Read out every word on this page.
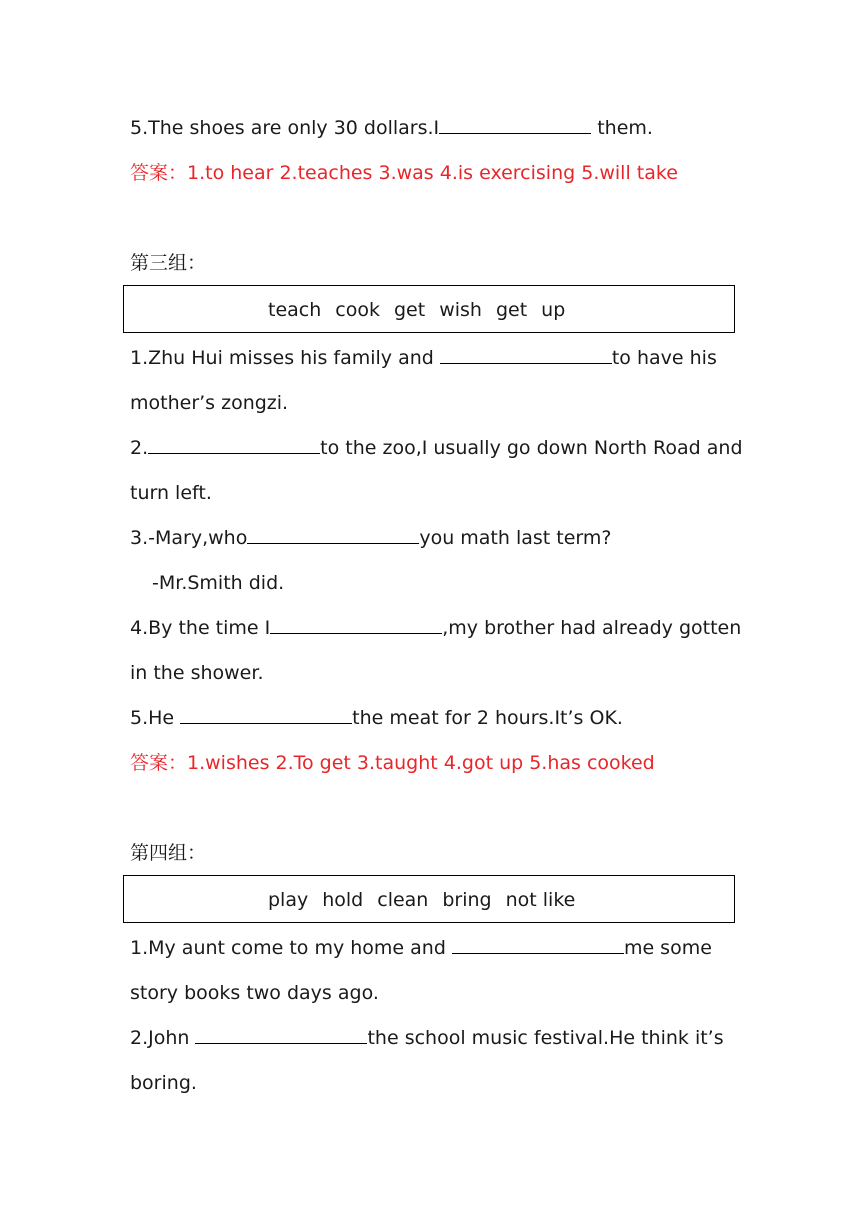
5.The shoes are only 30 dollars.I	them.
答案：1.to hear 2.teaches 3.was 4.is exercising 5.will take
第三组：
teach cook get wish get up
1.Zhu Hui misses his family and	to have his
mother’s zongzi.
2.	to the zoo,I usually go down North Road and
turn left.
3.-Mary,who	you math last term?
-Mr.Smith did.
4.By the time I	,my brother had already gotten
in the shower.
5.He	the meat for 2 hours.It’s OK.
答案：1.wishes 2.To get 3.taught 4.got up 5.has cooked
第四组：
play hold clean bring not like
1.My aunt come to my home and	me some
story books two days ago.
2.John	the school music festival.He think it’s
boring.
